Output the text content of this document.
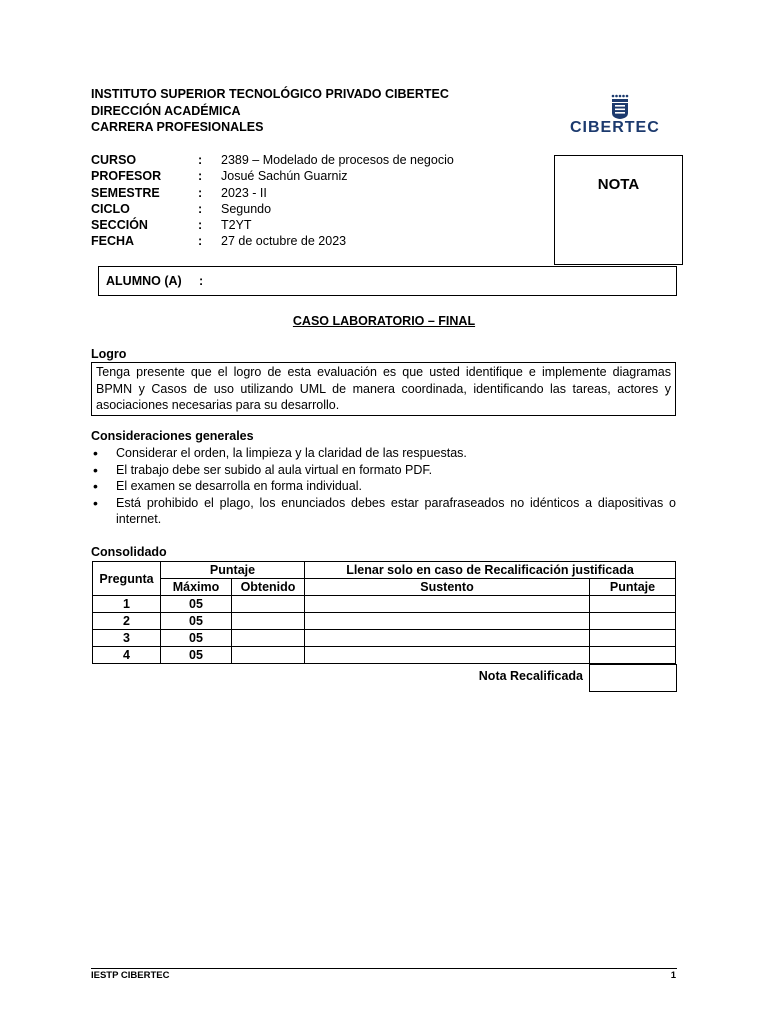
INSTITUTO SUPERIOR TECNOLÓGICO PRIVADO CIBERTEC
DIRECCIÓN ACADÉMICA
CARRERA PROFESIONALES	CIBERTEC
CURSO	:	2389 – Modelado de procesos de negocio
PROFESOR	:	Josué Sachún Guarniz
SEMESTRE	:	2023 - II
CICLO	:	Segundo
SECCIÓN	:	T2YT
FECHA	:	27 de octubre de 2023
NOTA
ALUMNO (A)     :
CASO LABORATORIO – FINAL
Logro
Tenga presente que el logro de esta evaluación es que usted identifique e implemente diagramas BPMN y Casos de uso utilizando UML de manera coordinada, identificando las tareas, actores y asociaciones necesarias para su desarrollo.
Consideraciones generales
•	Considerar el orden, la limpieza y la claridad de las respuestas.
•	El trabajo debe ser subido al aula virtual en formato PDF.
•	El examen se desarrolla en forma individual.
•	Está prohibido el plago, los enunciados debes estar parafraseados no idénticos a diapositivas o internet.
Consolidado
Pregunta	Puntaje		Llenar solo en caso de Recalificación justificada	
	Máximo	Obtenido	Sustento	Puntaje
1	05			
2	05			
3	05			
4	05			
Nota Recalificada
IESTP CIBERTEC	1
